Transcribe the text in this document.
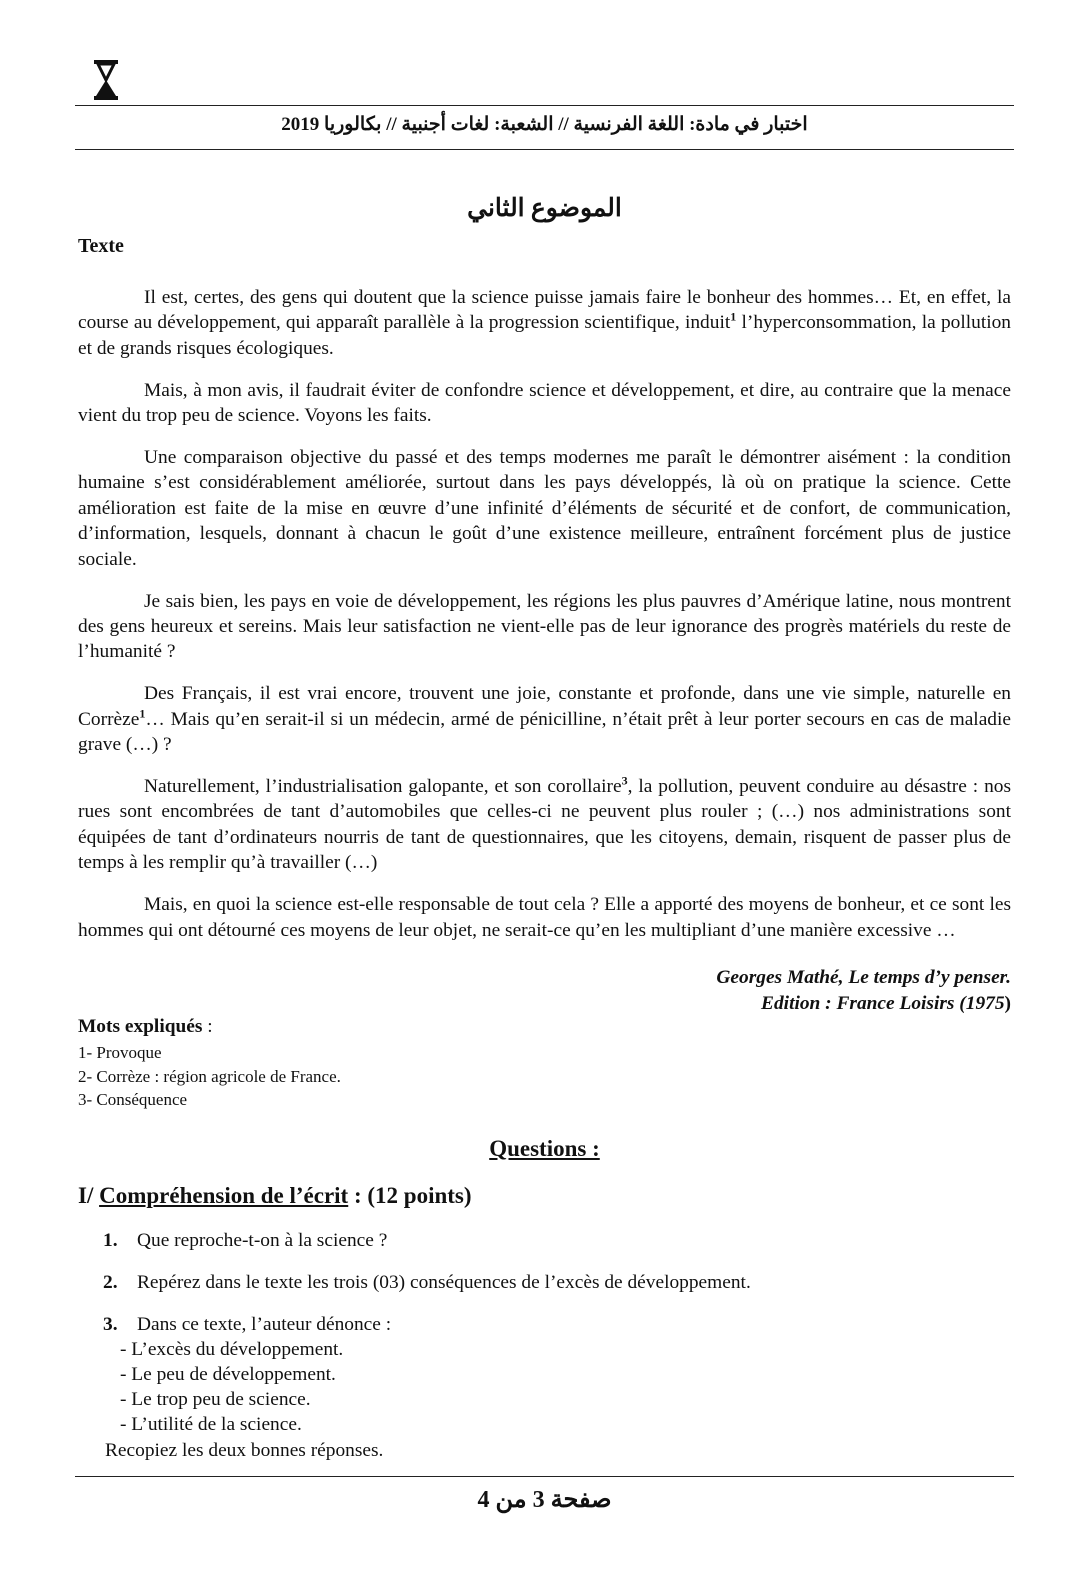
اختبار في مادة: اللغة الفرنسية // الشعبة: لغات أجنبية // بكالوريا 2019
الموضوع الثاني
Texte

Il est, certes, des gens qui doutent que la science puisse jamais faire le bonheur des hommes… Et, en effet, la course au développement, qui apparaît parallèle à la progression scientifique, induit$^1$ l’hyperconsommation, la pollution et de grands risques écologiques.

Mais, à mon avis, il faudrait éviter de confondre science et développement, et dire, au contraire que la menace vient du trop peu de science. Voyons les faits.

Une comparaison objective du passé et des temps modernes me paraît le démontrer aisément : la condition humaine s’est considérablement améliorée, surtout dans les pays développés, là où on pratique la science. Cette amélioration est faite de la mise en œuvre d’une infinité d’éléments de sécurité et de confort, de communication, d’information, lesquels, donnant à chacun le goût d’une existence meilleure, entraînent forcément plus de justice sociale.

Je sais bien, les pays en voie de développement, les régions les plus pauvres d’Amérique latine, nous montrent des gens heureux et sereins. Mais leur satisfaction ne vient-elle pas de leur ignorance des progrès matériels du reste de l’humanité ?

Des Français, il est vrai encore, trouvent une joie, constante et profonde, dans une vie simple, naturelle en Corrèze$^1$… Mais qu’en serait-il si un médecin, armé de pénicilline, n’était prêt à leur porter secours en cas de maladie grave (…) ?

Naturellement, l’industrialisation galopante, et son corollaire$^3$, la pollution, peuvent conduire au désastre : nos rues sont encombrées de tant d’automobiles que celles-ci ne peuvent plus rouler ; (…) nos administrations sont équipées de tant d’ordinateurs nourris de tant de questionnaires, que les citoyens, demain, risquent de passer plus de temps à les remplir qu’à travailler (…)

Mais, en quoi la science est-elle responsable de tout cela ? Elle a apporté des moyens de bonheur, et ce sont les hommes qui ont détourné ces moyens de leur objet, ne serait-ce qu’en les multipliant d’une manière excessive …

Georges Mathé, Le temps d’y penser.
Edition : France Loisirs (1975)
Mots expliqués :
1- Provoque
2- Corrèze : région agricole de France.
3- Conséquence
Questions :
I/ Compréhension de l’écrit : (12 points)
1. Que reproche-t-on à la science ?
2. Repérez dans le texte les trois (03) conséquences de l’excès de développement.
3. Dans ce texte, l’auteur dénonce :
- L’excès du développement.
- Le peu de développement.
- Le trop peu de science.
- L’utilité de la science.
Recopiez les deux bonnes réponses.
صفحة 3 من 4
